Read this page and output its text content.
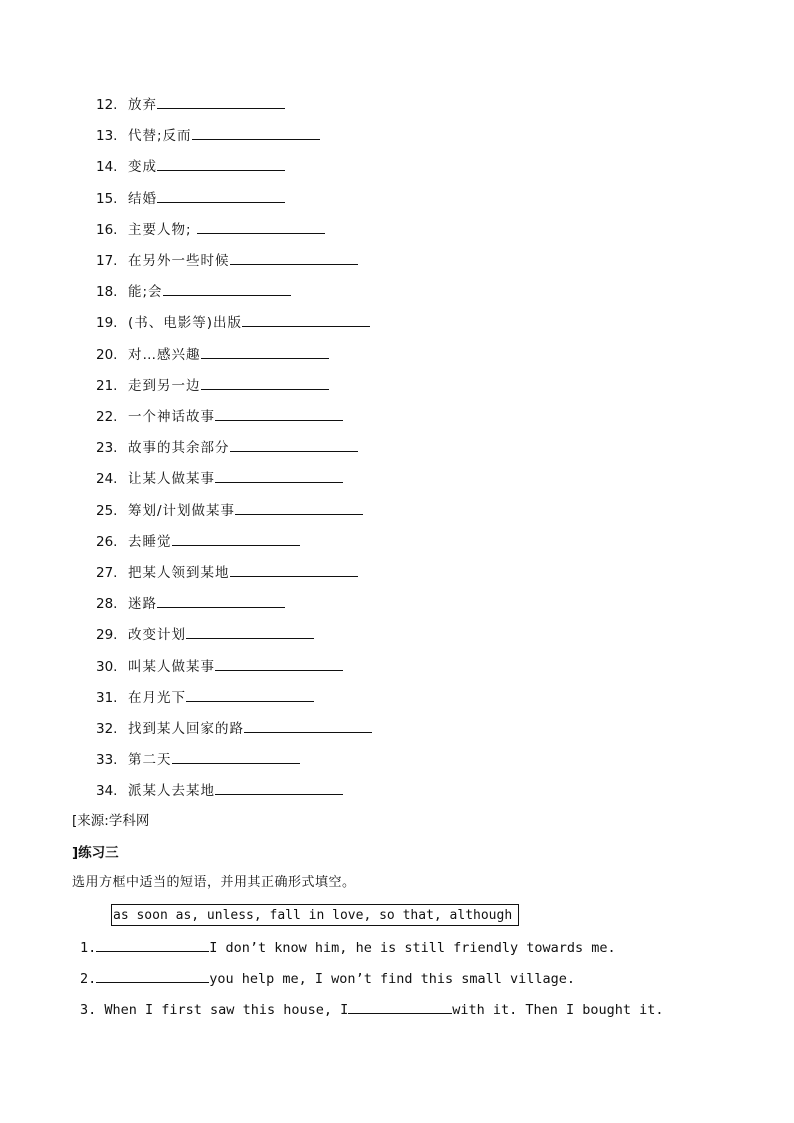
12. 放弃
13. 代替;反而
14. 变成
15. 结婚
16. 主要人物;
17. 在另外一些时候
18. 能;会
19. (书、电影等)出版
20. 对…感兴趣
21. 走到另一边
22. 一个神话故事
23. 故事的其余部分
24. 让某人做某事
25. 筹划/计划做某事
26. 去睡觉
27. 把某人领到某地
28. 迷路
29. 改变计划
30. 叫某人做某事
31. 在月光下
32. 找到某人回家的路
33. 第二天
34. 派某人去某地
[来源:学科网
]练习三
选用方框中适当的短语，并用其正确形式填空。
as soon as, unless, fall in love, so that, although
1.	I don’t know him, he is still friendly towards me.
2.	you help me, I won’t find this small village.
3. When I first saw this house, I	with it. Then I bought it.
